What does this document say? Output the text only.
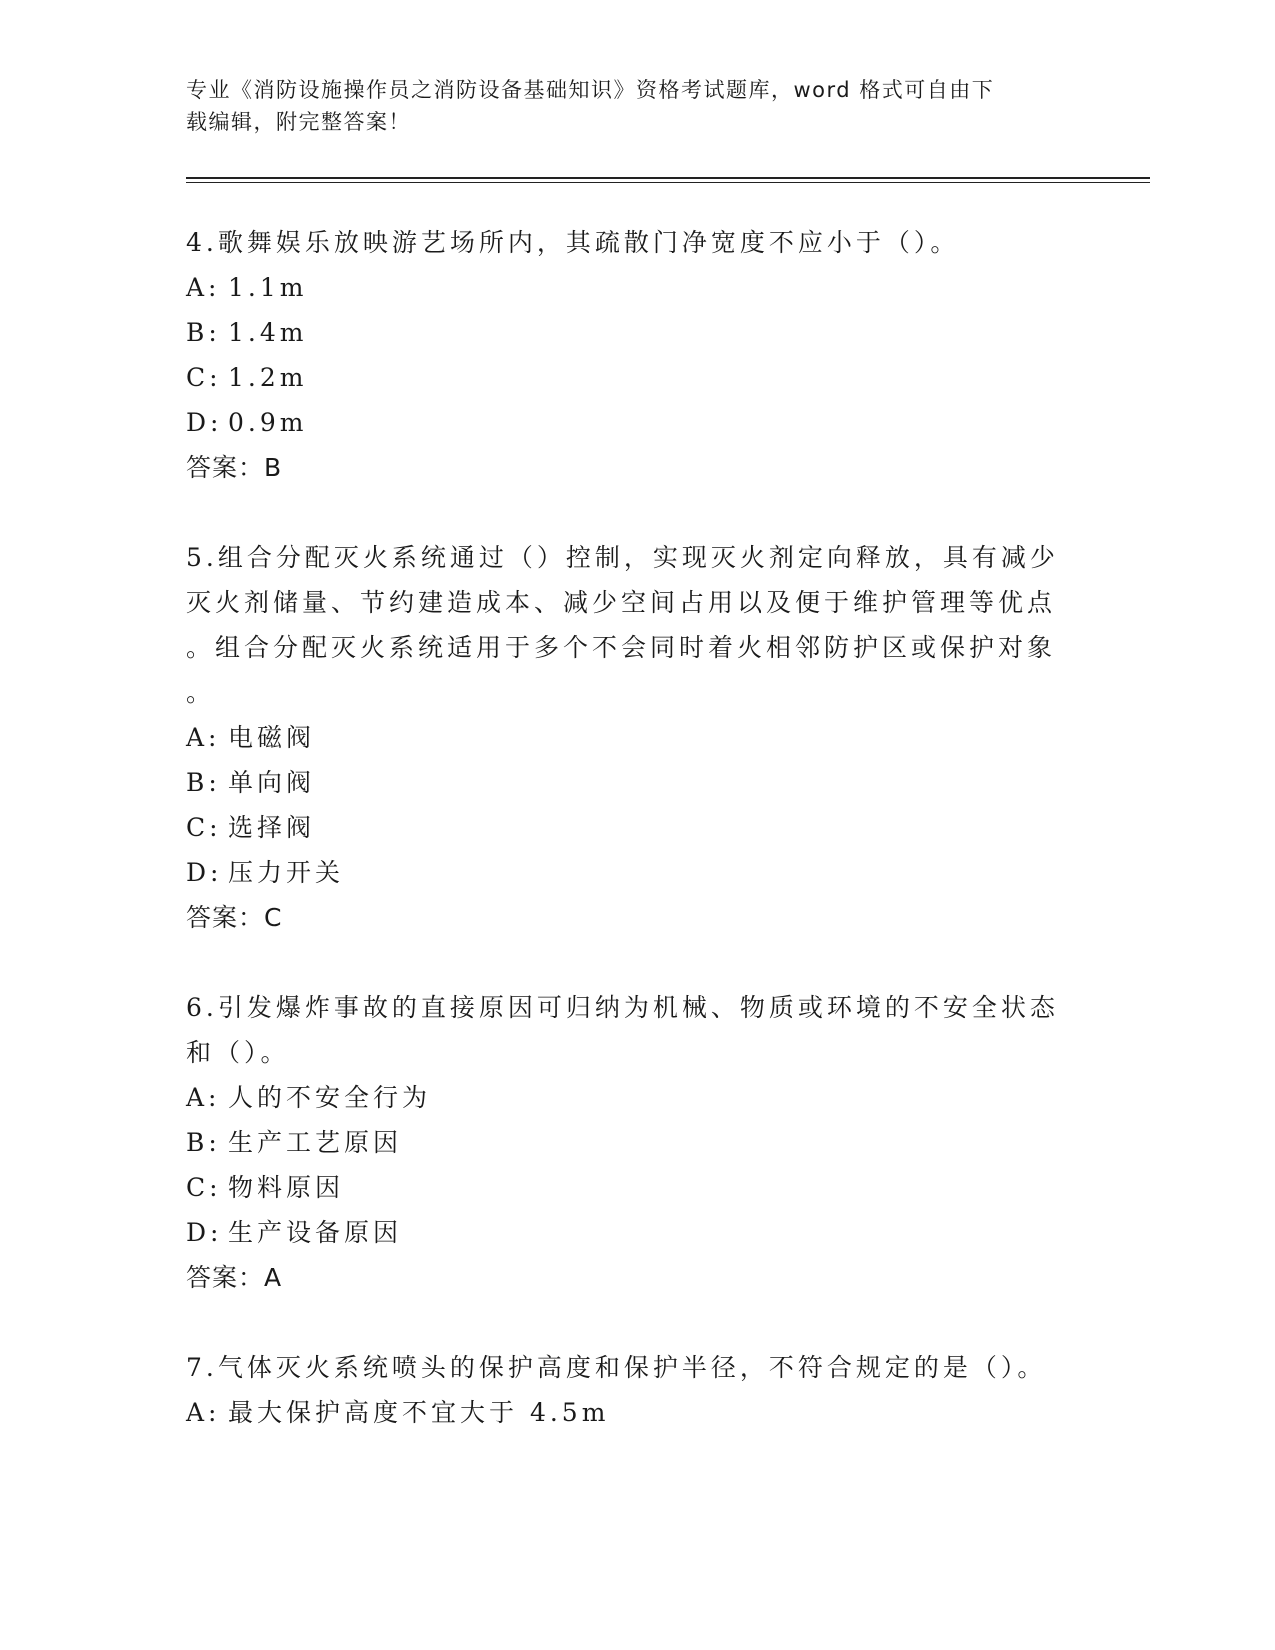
专业《消防设施操作员之消防设备基础知识》资格考试题库，word 格式可自由下
载编辑，附完整答案！
4.歌舞娱乐放映游艺场所内，其疏散门净宽度不应小于（）。
A: 1.1m
B: 1.4m
C: 1.2m
D: 0.9m
答案：B
5.组合分配灭火系统通过（）控制，实现灭火剂定向释放，具有减少
灭火剂储量、节约建造成本、减少空间占用以及便于维护管理等优点
。组合分配灭火系统适用于多个不会同时着火相邻防护区或保护对象
。
A: 电磁阀
B: 单向阀
C: 选择阀
D: 压力开关
答案：C
6.引发爆炸事故的直接原因可归纳为机械、物质或环境的不安全状态
和（）。
A: 人的不安全行为
B: 生产工艺原因
C: 物料原因
D: 生产设备原因
答案：A
7.气体灭火系统喷头的保护高度和保护半径，不符合规定的是（）。
A: 最大保护高度不宜大于 4.5m
